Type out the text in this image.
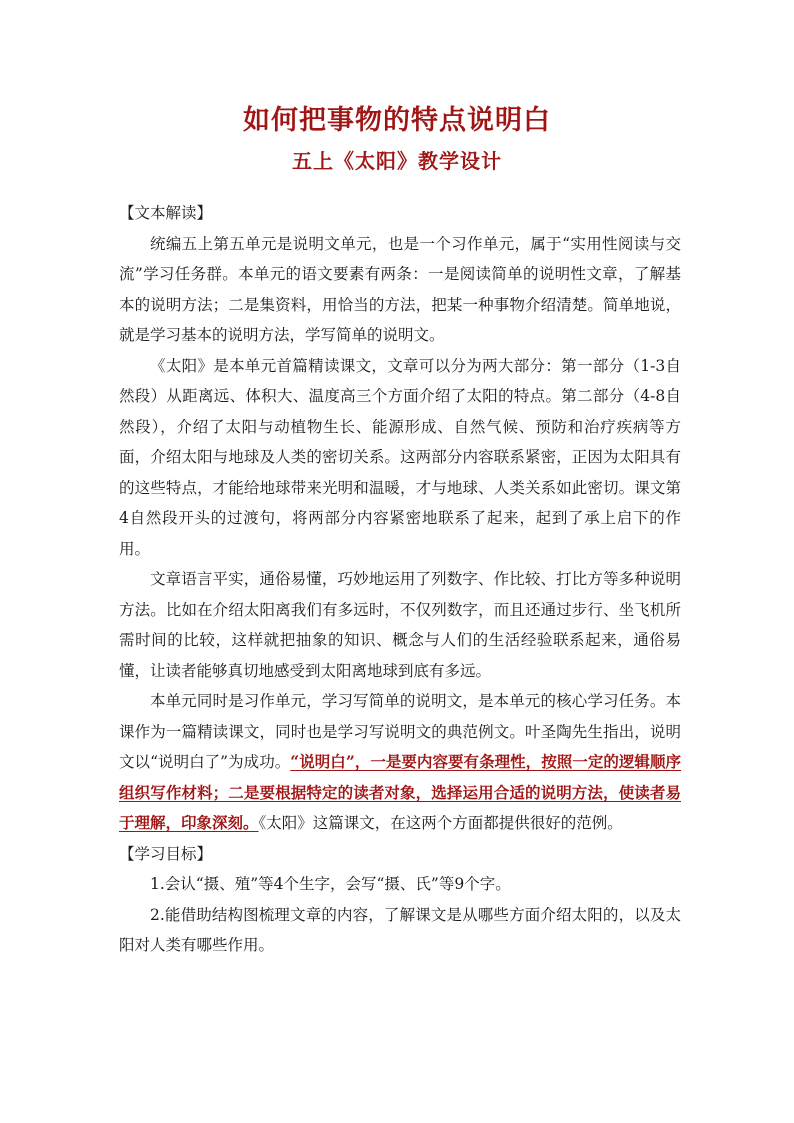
如何把事物的特点说明白
五上《太阳》教学设计

【文本解读】

统编五上第五单元是说明文单元，也是一个习作单元，属于“实用性阅读与交流”学习任务群。本单元的语文要素有两条：一是阅读简单的说明性文章，了解基本的说明方法；二是集资料，用恰当的方法，把某一种事物介绍清楚。简单地说，就是学习基本的说明方法，学写简单的说明文。

《太阳》是本单元首篇精读课文，文章可以分为两大部分：第一部分（1-3自然段）从距离远、体积大、温度高三个方面介绍了太阳的特点。第二部分（4-8自然段），介绍了太阳与动植物生长、能源形成、自然气候、预防和治疗疾病等方面，介绍太阳与地球及人类的密切关系。这两部分内容联系紧密，正因为太阳具有的这些特点，才能给地球带来光明和温暖，才与地球、人类关系如此密切。课文第4自然段开头的过渡句，将两部分内容紧密地联系了起来，起到了承上启下的作用。

文章语言平实，通俗易懂，巧妙地运用了列数字、作比较、打比方等多种说明方法。比如在介绍太阳离我们有多远时，不仅列数字，而且还通过步行、坐飞机所需时间的比较，这样就把抽象的知识、概念与人们的生活经验联系起来，通俗易懂，让读者能够真切地感受到太阳离地球到底有多远。

本单元同时是习作单元，学习写简单的说明文，是本单元的核心学习任务。本课作为一篇精读课文，同时也是学习写说明文的典范例文。叶圣陶先生指出，说明文以“说明白了”为成功。“说明白”，一是要内容要有条理性，按照一定的逻辑顺序组织写作材料；二是要根据特定的读者对象，选择运用合适的说明方法，使读者易于理解，印象深刻。《太阳》这篇课文，在这两个方面都提供很好的范例。

【学习目标】

1.会认“摄、殖”等4个生字，会写“摄、氏”等9个字。

2.能借助结构图梳理文章的内容，了解课文是从哪些方面介绍太阳的，以及太阳对人类有哪些作用。
